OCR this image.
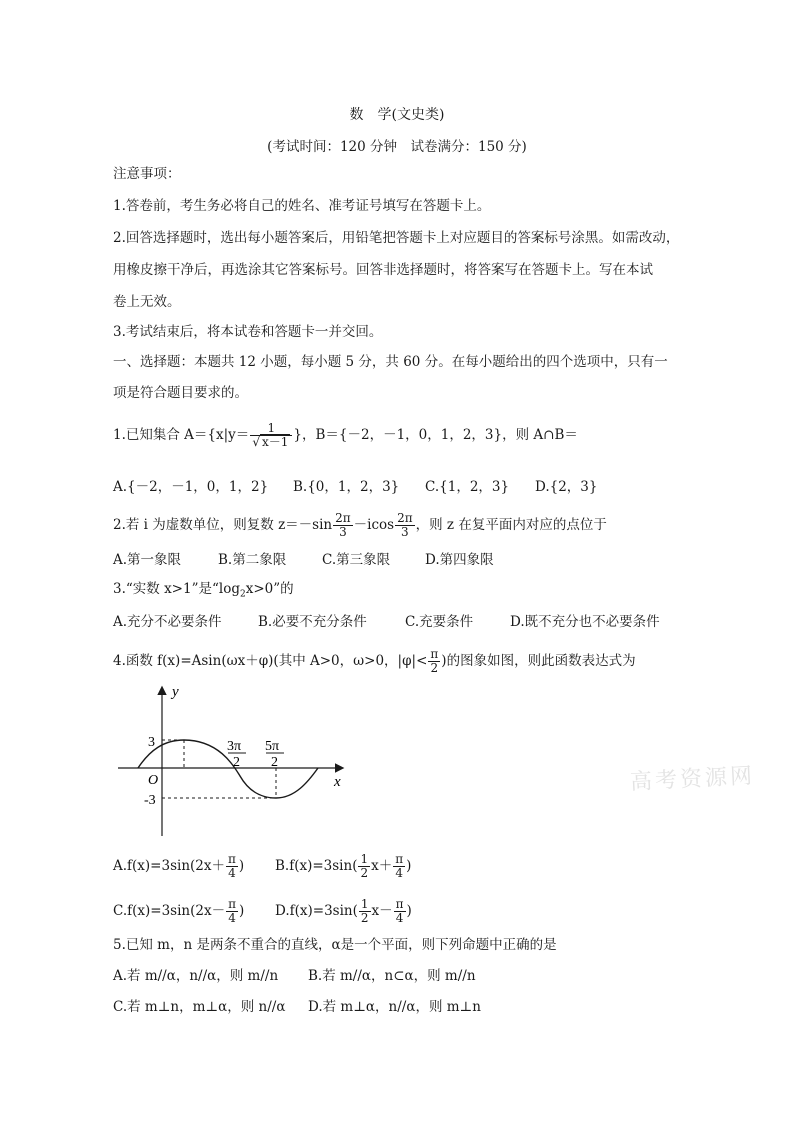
数　学(文史类)
(考试时间：120 分钟　试卷满分：150 分)
注意事项：
1.答卷前，考生务必将自己的姓名、准考证号填写在答题卡上。
2.回答选择题时，选出每小题答案后，用铅笔把答题卡上对应题目的答案标号涂黑。如需改动，
用橡皮擦干净后，再选涂其它答案标号。回答非选择题时，将答案写在答题卡上。写在本试
卷上无效。
3.考试结束后，将本试卷和答题卡一并交回。
一、选择题：本题共 12 小题，每小题 5 分，共 60 分。在每小题给出的四个选项中，只有一
项是符合题目要求的。
1.已知集合 $A=\{x|y= \frac{1}{√ x-1}$ }，B＝{－2，－1，0，1，2，3}，则 A∩B＝
A.{－2，－1，0，1，2} B.{0，1，2，3} C.{1，2，3} D.{2，3}
2.若 i 为虚数单位，则复数 $z=-\sin \frac{2\pi}{3} -icos \frac{2\pi}{3}$ ，则 z 在复平面内对应的点位于
A.第一象限	B.第二象限	C.第三象限	D.第四象限
3.“实数 x>1”是“$\log_2x>0$”的
A.充分不必要条件	B.必要不充分条件	C.充要条件	D.既不充分也不必要条件
4.函数 f(x)=Asin(ωx＋φ)(其中 A>0，ω>0，$|\varphi|< \frac{\pi}{2}$ )的图象如图，则此函数表达式为
y
x
O
3
-3
3π
2
5π
2
高考资源网
$A.f(x)=3\sin(2x+ \frac{\pi}{4}$ ) $B.f(x)=3\sin( \frac{1}{2} x+ \frac{\pi}{4}$ )
$C.f(x)=3\sin(2x- \frac{\pi}{4}$ ) $D.f(x)=3\sin( \frac{1}{2} x- \frac{\pi}{4}$ )
5.已知 m，n 是两条不重合的直线，α是一个平面，则下列命题中正确的是
A.若 m//α，n//α，则 m//n B.若 m//α，n⊂α，则 m//n
C.若 m⊥n，m⊥α，则 n//α D.若 m⊥α，n//α，则 m⊥n
